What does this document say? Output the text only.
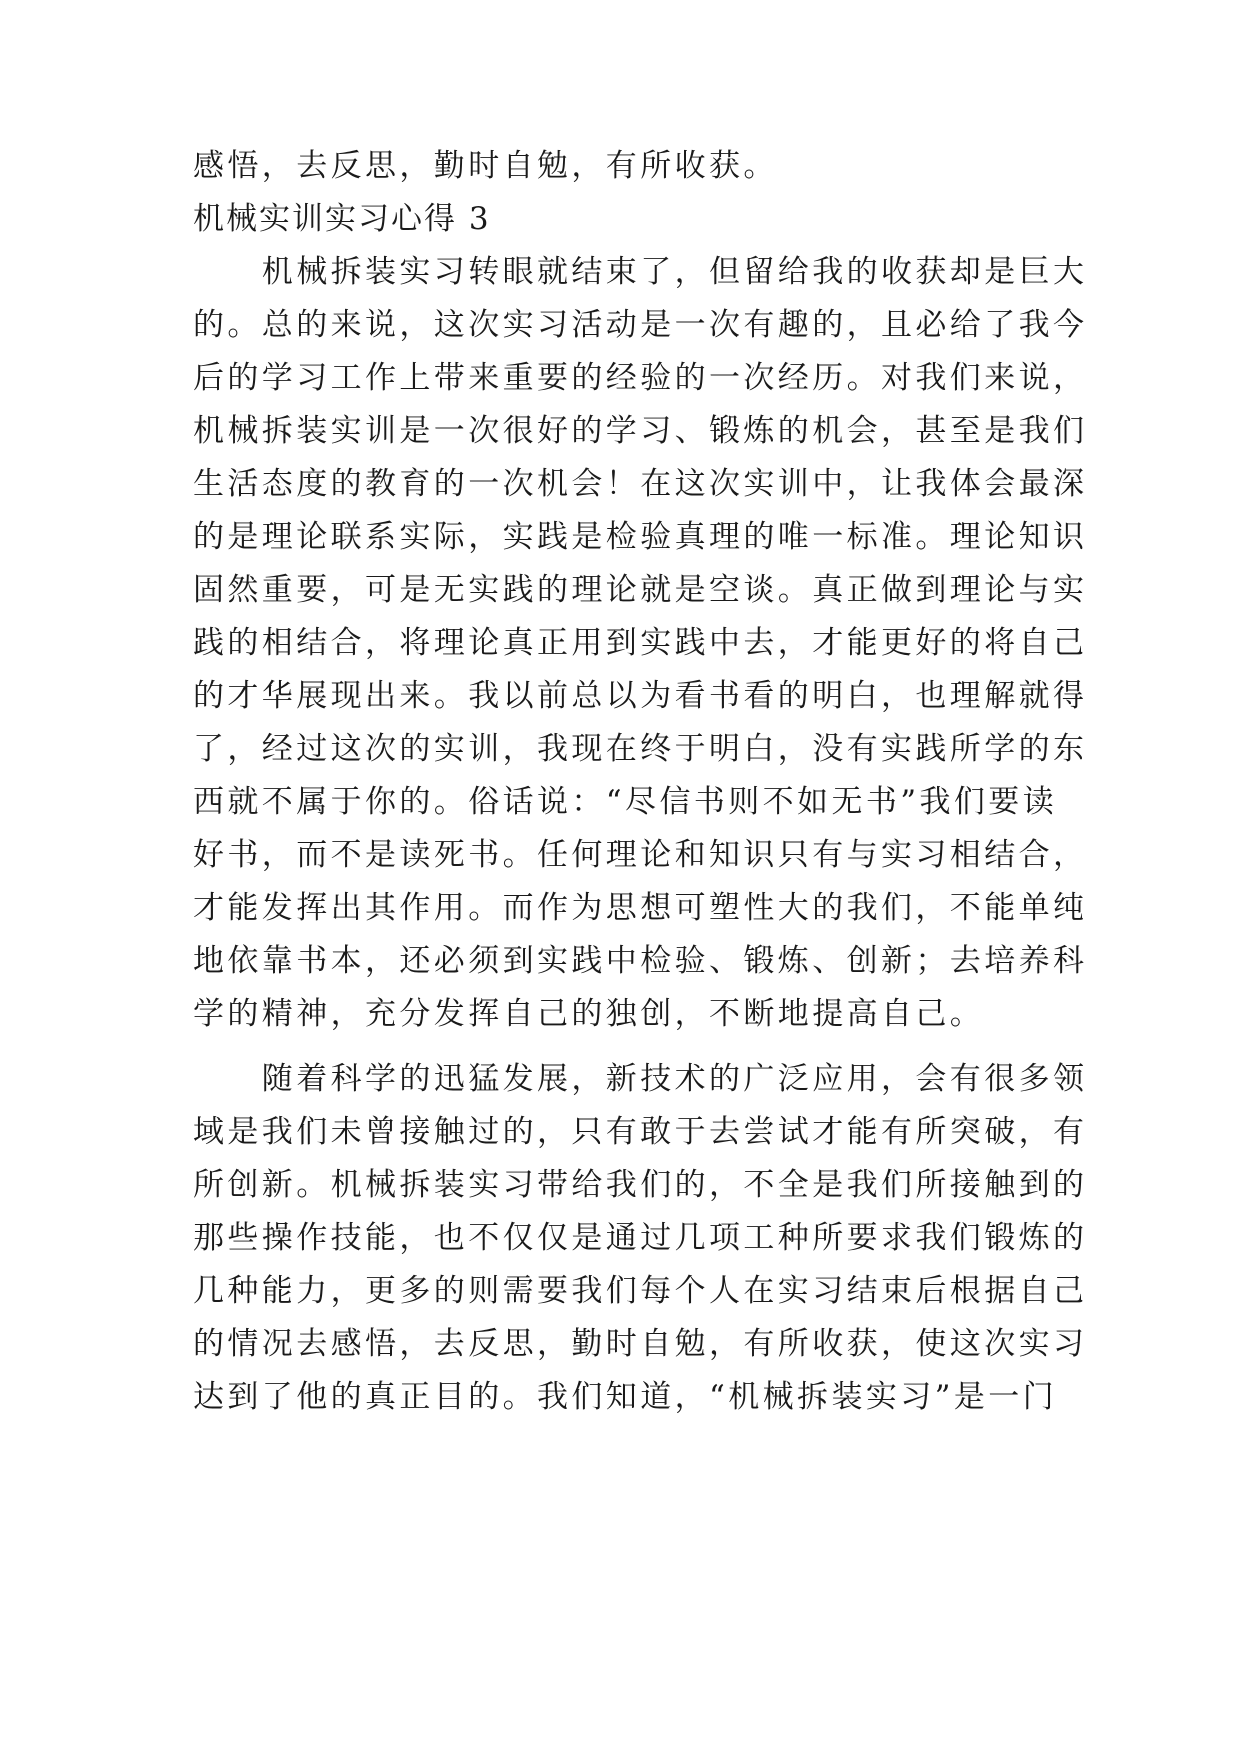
感悟，去反思，勤时自勉，有所收获。
机械实训实习心得 3
　　机械拆装实习转眼就结束了，但留给我的收获却是巨大
的。总的来说，这次实习活动是一次有趣的，且必给了我今
后的学习工作上带来重要的经验的一次经历。对我们来说，
机械拆装实训是一次很好的学习、锻炼的机会，甚至是我们
生活态度的教育的一次机会！在这次实训中，让我体会最深
的是理论联系实际，实践是检验真理的唯一标准。理论知识
固然重要，可是无实践的理论就是空谈。真正做到理论与实
践的相结合，将理论真正用到实践中去，才能更好的将自己
的才华展现出来。我以前总以为看书看的明白，也理解就得
了，经过这次的实训，我现在终于明白，没有实践所学的东
西就不属于你的。俗话说：“尽信书则不如无书”我们要读
好书，而不是读死书。任何理论和知识只有与实习相结合，
才能发挥出其作用。而作为思想可塑性大的我们，不能单纯
地依靠书本，还必须到实践中检验、锻炼、创新；去培养科
学的精神，充分发挥自己的独创，不断地提高自己。
　　随着科学的迅猛发展，新技术的广泛应用，会有很多领
域是我们未曾接触过的，只有敢于去尝试才能有所突破，有
所创新。机械拆装实习带给我们的，不全是我们所接触到的
那些操作技能，也不仅仅是通过几项工种所要求我们锻炼的
几种能力，更多的则需要我们每个人在实习结束后根据自己
的情况去感悟，去反思，勤时自勉，有所收获，使这次实习
达到了他的真正目的。我们知道，“机械拆装实习”是一门
